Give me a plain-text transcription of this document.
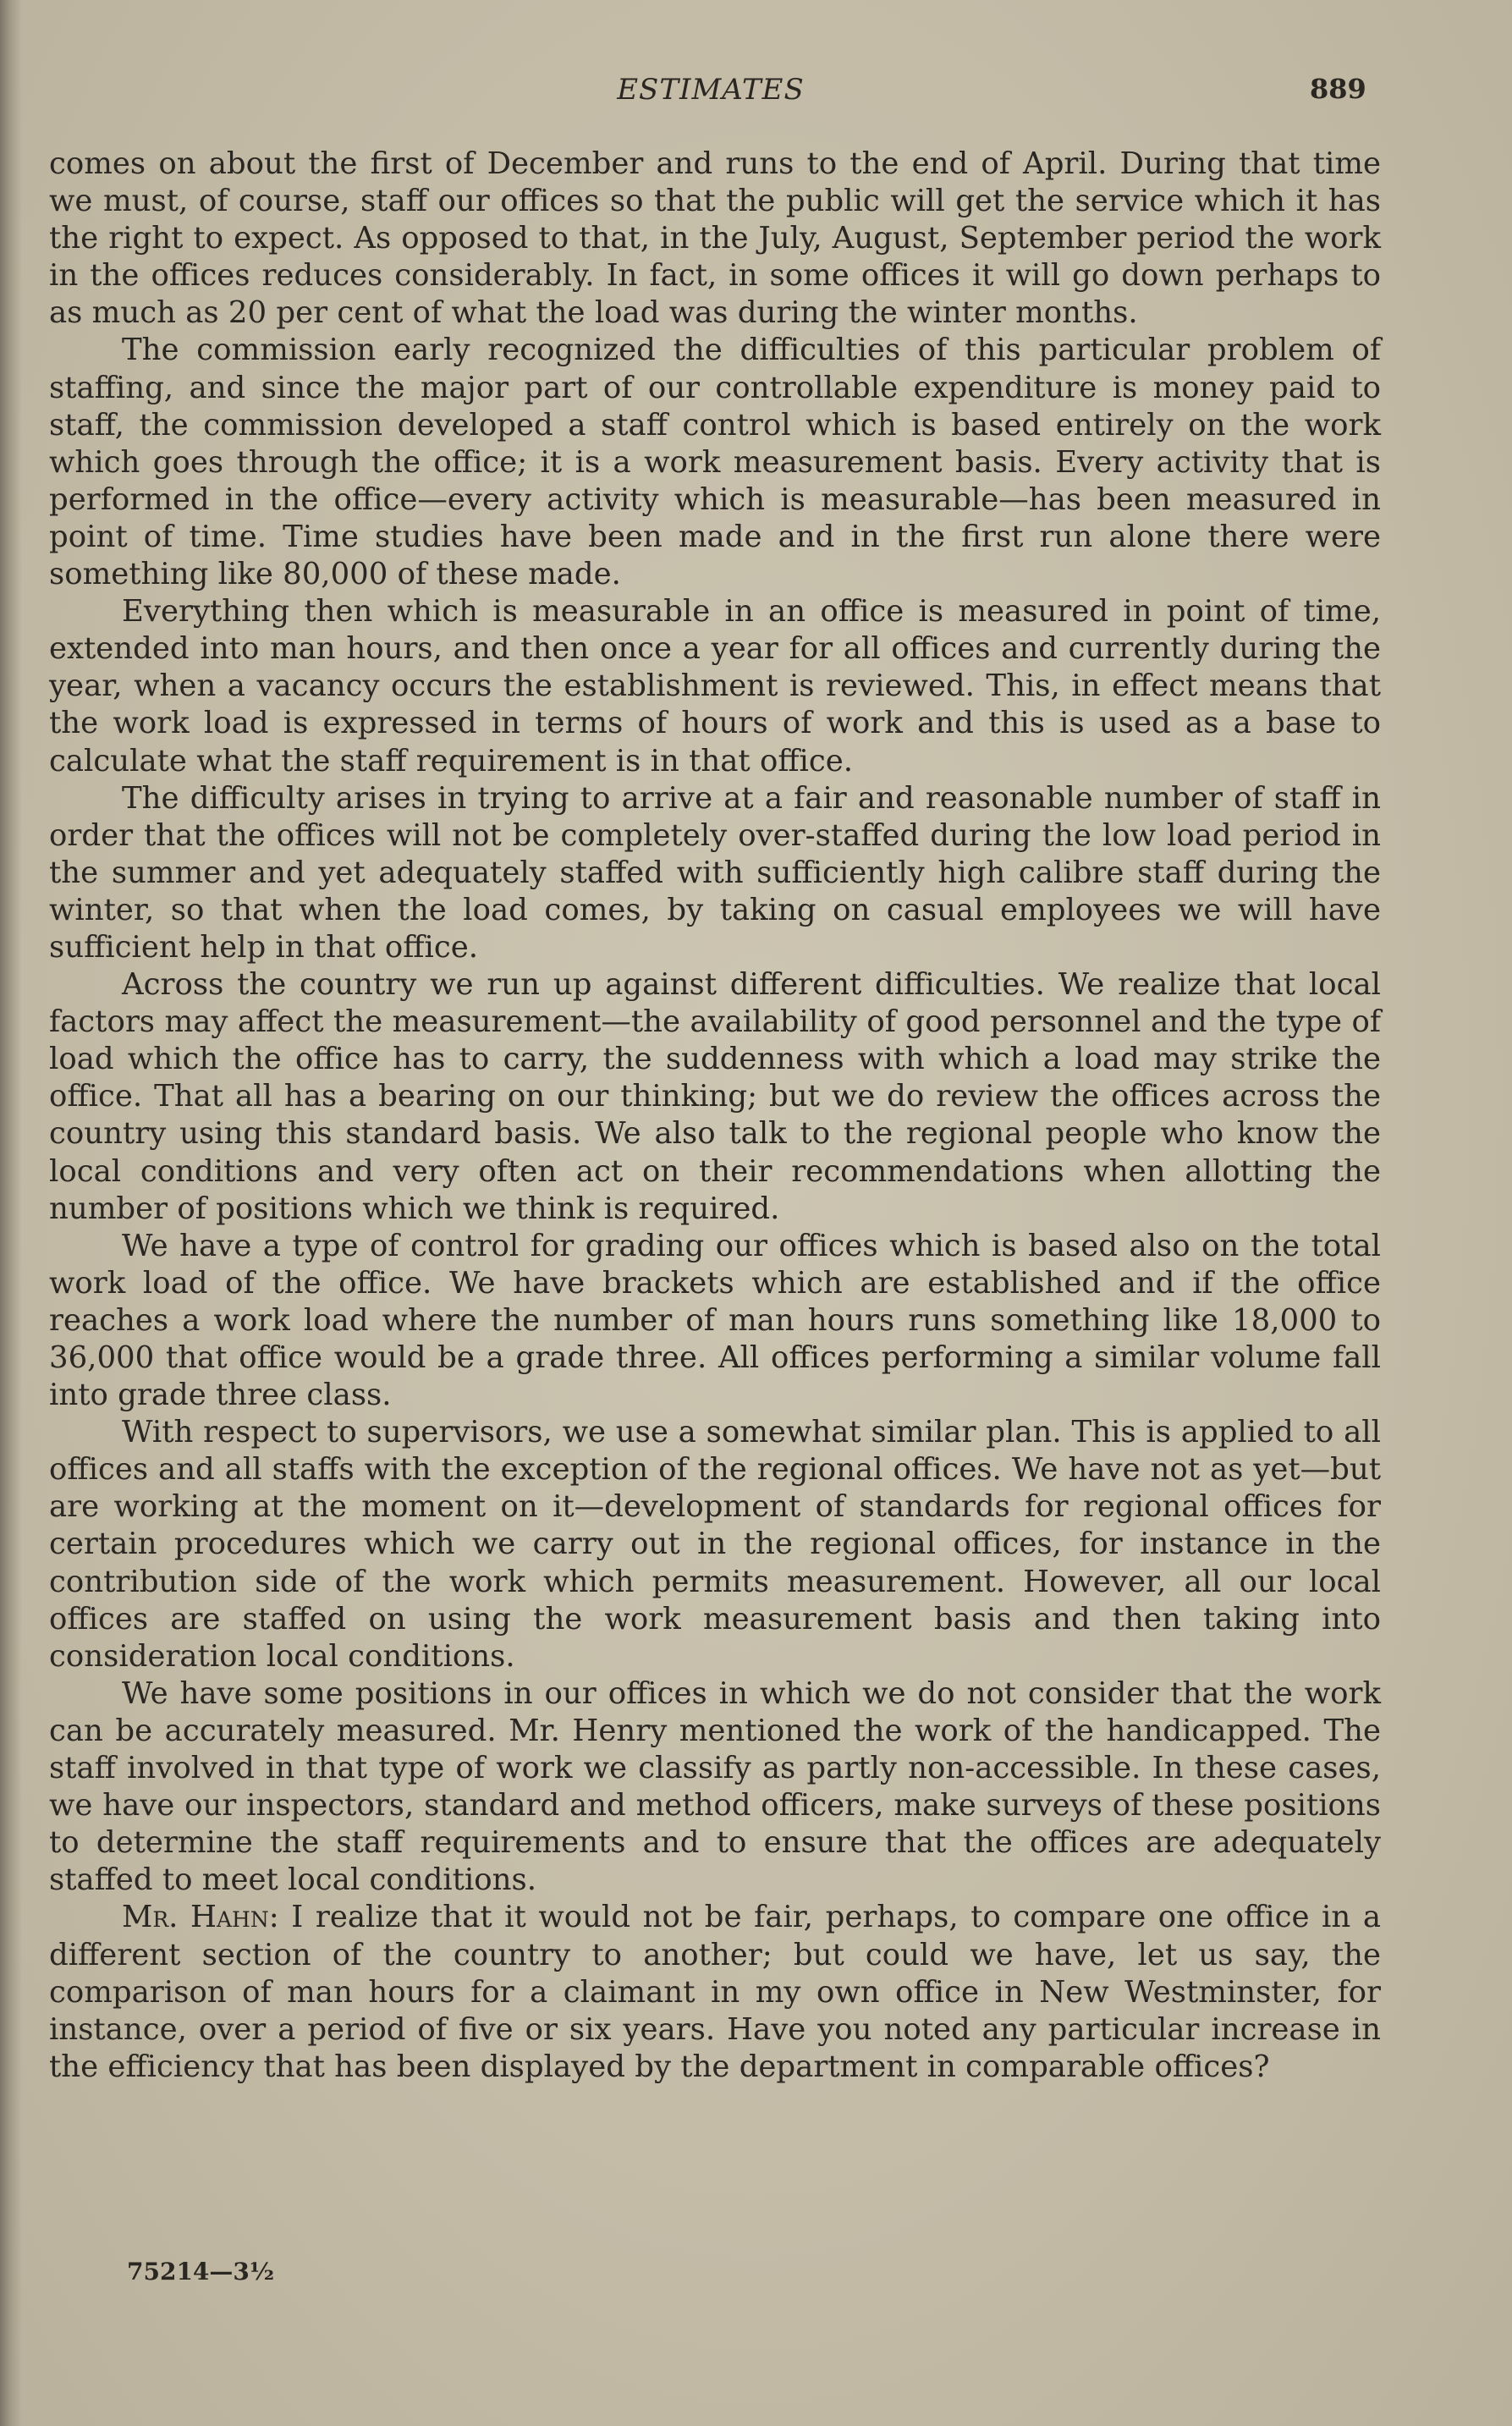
ESTIMATES	889

comes on about the first of December and runs to the end of April. During that time we must, of course, staff our offices so that the public will get the service which it has the right to expect. As opposed to that, in the July, August, September period the work in the offices reduces considerably. In fact, in some offices it will go down perhaps to as much as 20 per cent of what the load was during the winter months.

The commission early recognized the difficulties of this particular problem of staffing, and since the major part of our controllable expenditure is money paid to staff, the commission developed a staff control which is based entirely on the work which goes through the office; it is a work measurement basis. Every activity that is performed in the office—every activity which is measurable—has been measured in point of time. Time studies have been made and in the first run alone there were something like 80,000 of these made.

Everything then which is measurable in an office is measured in point of time, extended into man hours, and then once a year for all offices and currently during the year, when a vacancy occurs the establishment is reviewed. This, in effect means that the work load is expressed in terms of hours of work and this is used as a base to calculate what the staff requirement is in that office.

The difficulty arises in trying to arrive at a fair and reasonable number of staff in order that the offices will not be completely over-staffed during the low load period in the summer and yet adequately staffed with sufficiently high calibre staff during the winter, so that when the load comes, by taking on casual employees we will have sufficient help in that office.

Across the country we run up against different difficulties. We realize that local factors may affect the measurement—the availability of good personnel and the type of load which the office has to carry, the suddenness with which a load may strike the office. That all has a bearing on our thinking; but we do review the offices across the country using this standard basis. We also talk to the regional people who know the local conditions and very often act on their recommendations when allotting the number of positions which we think is required.

We have a type of control for grading our offices which is based also on the total work load of the office. We have brackets which are established and if the office reaches a work load where the number of man hours runs something like 18,000 to 36,000 that office would be a grade three. All offices performing a similar volume fall into grade three class.

With respect to supervisors, we use a somewhat similar plan. This is applied to all offices and all staffs with the exception of the regional offices. We have not as yet—but are working at the moment on it—development of standards for regional offices for certain procedures which we carry out in the regional offices, for instance in the contribution side of the work which permits measurement. However, all our local offices are staffed on using the work measurement basis and then taking into consideration local conditions.

We have some positions in our offices in which we do not consider that the work can be accurately measured. Mr. Henry mentioned the work of the handicapped. The staff involved in that type of work we classify as partly non-accessible. In these cases, we have our inspectors, standard and method officers, make surveys of these positions to determine the staff requirements and to ensure that the offices are adequately staffed to meet local conditions.

Mr. Hahn: I realize that it would not be fair, perhaps, to compare one office in a different section of the country to another; but could we have, let us say, the comparison of man hours for a claimant in my own office in New Westminster, for instance, over a period of five or six years. Have you noted any particular increase in the efficiency that has been displayed by the department in comparable offices?

75214—3½
